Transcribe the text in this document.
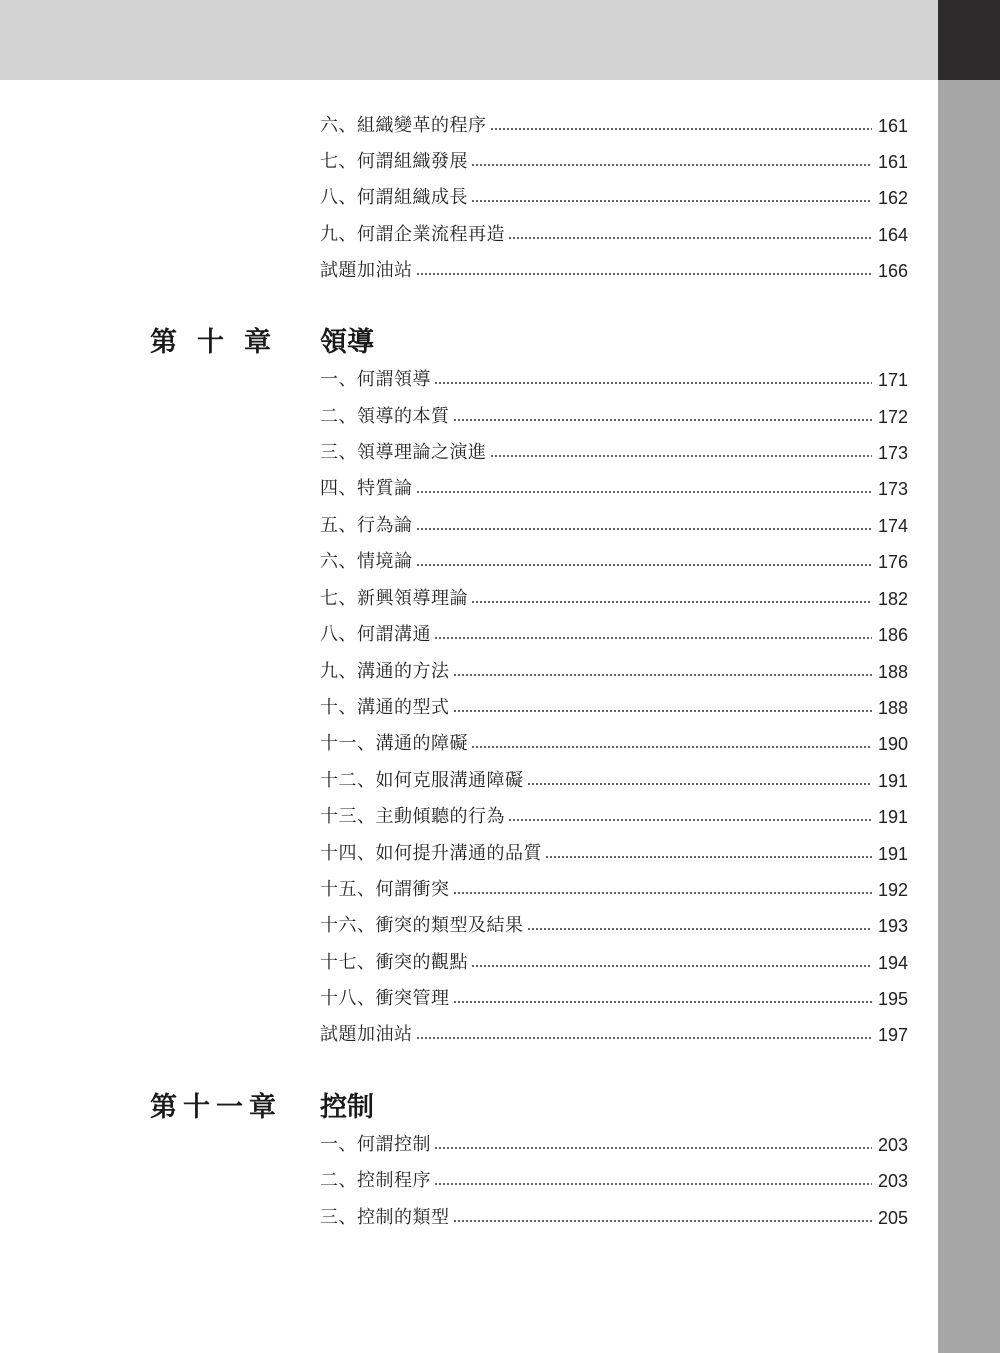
六、組織變革的程序	161
七、何謂組織發展	161
八、何謂組織成長	162
九、何謂企業流程再造	164
試題加油站	166
第十章 領導
一、何謂領導	171
二、領導的本質	172
三、領導理論之演進	173
四、特質論	173
五、行為論	174
六、情境論	176
七、新興領導理論	182
八、何謂溝通	186
九、溝通的方法	188
十、溝通的型式	188
十一、溝通的障礙	190
十二、如何克服溝通障礙	191
十三、主動傾聽的行為	191
十四、如何提升溝通的品質	191
十五、何謂衝突	192
十六、衝突的類型及結果	193
十七、衝突的觀點	194
十八、衝突管理	195
試題加油站	197
第十一章 控制
一、何謂控制	203
二、控制程序	203
三、控制的類型	205
